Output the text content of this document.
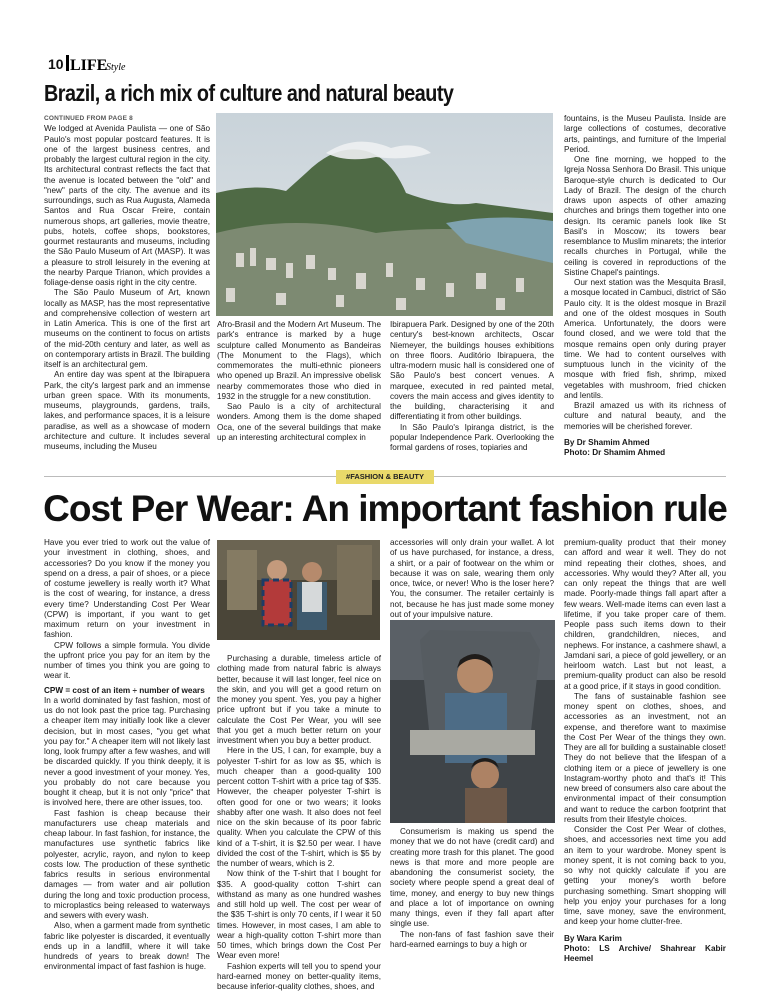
10 LIFE
Style
Brazil, a rich mix of culture and natural beauty

CONTINUED FROM PAGE 8

We lodged at Avenida Paulista — one of São Paulo's most popular postcard features. It is one of the largest business centres, and probably the largest cultural region in the city. Its architectural contrast reflects the fact that the avenue is located between the "old" and "new" parts of the city. The avenue and its surroundings, such as Rua Augusta, Alameda Santos and Rua Oscar Freire, contain numerous shops, art galleries, movie theatre, pubs, hotels, coffee shops, bookstores, gourmet restaurants and museums, including the São Paulo Museum of Art (MASP). It was a pleasure to stroll leisurely in the evening at the nearby Parque Trianon, which provides a foliage-dense oasis right in the city centre.

The São Paulo Museum of Art, known locally as MASP, has the most representative and comprehensive collection of western art in Latin America. This is one of the first art museums on the continent to focus on artists of the mid-20th century and later, as well as on contemporary artists in Brazil. The building itself is an architectural gem.

An entire day was spent at the Ibirapuera Park, the city's largest park and an immense urban green space. With its monuments, museums, playgrounds, gardens, trails, lakes, and performance spaces, it is a leisure paradise, as well as a showcase of modern architecture and culture. It includes several museums, including the Museu

Afro-Brasil and the Modern Art Museum. The park's entrance is marked by a huge sculpture called Monumento as Bandeiras (The Monument to the Flags), which commemorates the multi-ethnic pioneers who opened up Brazil. An impressive obelisk nearby commemorates those who died in 1932 in the struggle for a new constitution.

Sao Paulo is a city of architectural wonders. Among them is the dome shaped Oca, one of the several buildings that make up an interesting architectural complex in

Ibirapuera Park. Designed by one of the 20th century's best-known architects, Oscar Niemeyer, the buildings houses exhibitions on three floors. Auditório Ibirapuera, the ultra-modern music hall is considered one of São Paulo's best concert venues. A marquee, executed in red painted metal, covers the main access and gives identity to the building, characterising it and differentiating it from other buildings.

In São Paulo's Ipiranga district, is the popular Independence Park. Overlooking the formal gardens of roses, topiaries and

fountains, is the Museu Paulista. Inside are large collections of costumes, decorative arts, paintings, and furniture of the Imperial Period.

One fine morning, we hopped to the Igreja Nossa Senhora Do Brasil. This unique Baroque-style church is dedicated to Our Lady of Brazil. The design of the church draws upon aspects of other amazing churches and brings them together into one design. Its ceramic panels look like St Basil's in Moscow; its towers bear resemblance to Muslim minarets; the interior recalls churches in Portugal, while the ceiling is covered in reproductions of the Sistine Chapel's paintings.

Our next station was the Mesquita Brasil, a mosque located in Cambuci, district of São Paulo city. It is the oldest mosque in Brazil and one of the oldest mosques in South America. Unfortunately, the doors were found closed, and we were told that the mosque remains open only during prayer time. We had to content ourselves with sumptuous lunch in the vicinity of the mosque with fried fish, shrimp, mixed vegetables with mushroom, fried chicken and lentils.

Brazil amazed us with its richness of culture and natural beauty, and the memories will be cherished forever.

By Dr Shamim Ahmed

Photo: Dr Shamim Ahmed

#FASHION & BEAUTY
Cost Per Wear: An important fashion rule

Have you ever tried to work out the value of your investment in clothing, shoes, and accessories? Do you know if the money you spend on a dress, a pair of shoes, or a piece of costume jewellery is really worth it? What is the cost of wearing, for instance, a dress every time? Understanding Cost Per Wear (CPW) is important, if you want to get maximum return on your investment in fashion.

CPW follows a simple formula. You divide the upfront price you pay for an item by the number of times you think you are going to wear it.

CPW = cost of an item ÷ number of wears

In a world dominated by fast fashion, most of us do not look past the price tag. Purchasing a cheaper item may initially look like a clever decision, but in most cases, "you get what you pay for." A cheaper item will not likely last long, look frumpy after a few washes, and will be discarded quickly. If you think deeply, it is never a good investment of your money. Yes, you probably do not care because you bought it cheap, but it is not only "price" that is involved here, there are other issues, too.

Fast fashion is cheap because their manufacturers use cheap materials and cheap labour. In fast fashion, for instance, the manufactures use synthetic fabrics like polyester, acrylic, rayon, and nylon to keep costs low. The production of these synthetic fabrics results in serious environmental damages — from water and air pollution during the long and toxic production process, to microplastics being released to waterways and sewers with every wash.

Also, when a garment made from synthetic fabric like polyester is discarded, it eventually ends up in a landfill, where it will take hundreds of years to break down! The environmental impact of fast fashion is huge.

Purchasing a durable, timeless article of clothing made from natural fabric is always better, because it will last longer, feel nice on the skin, and you will get a good return on the money you spent. Yes, you pay a higher price upfront but if you take a minute to calculate the Cost Per Wear, you will see that you get a much better return on your investment when you buy a better product.

Here in the US, I can, for example, buy a polyester T-shirt for as low as $5, which is much cheaper than a good-quality 100 percent cotton T-shirt with a price tag of $35. However, the cheaper polyester T-shirt is often good for one or two wears; it looks shabby after one wash. It also does not feel nice on the skin because of its poor fabric quality. When you calculate the CPW of this kind of a T-shirt, it is $2.50 per wear. I have divided the cost of the T-shirt, which is $5 by the number of wears, which is 2.

Now think of the T-shirt that I bought for $35. A good-quality cotton T-shirt can withstand as many as one hundred washes and still hold up well. The cost per wear of the $35 T-shirt is only 70 cents, if I wear it 50 times. However, in most cases, I am able to wear a high-quality cotton T-shirt more than 50 times, which brings down the Cost Per Wear even more!

Fashion experts will tell you to spend your hard-earned money on better-quality items, because inferior-quality clothes, shoes, and

accessories will only drain your wallet. A lot of us have purchased, for instance, a dress, a shirt, or a pair of footwear on the whim or because it was on sale, wearing them only once, twice, or never! Who is the loser here? You, the consumer. The retailer certainly is not, because he has just made some money out of your impulsive nature.

Consumerism is making us spend the money that we do not have (credit card) and creating more trash for this planet. The good news is that more and more people are abandoning the consumerist society, the society where people spend a great deal of time, money, and energy to buy new things and place a lot of importance on owning many things, even if they fall apart after single use.

The non-fans of fast fashion save their hard-earned earnings to buy a high or

premium-quality product that their money can afford and wear it well. They do not mind repeating their clothes, shoes, and accessories. Why would they? After all, you can only repeat the things that are well made. Poorly-made things fall apart after a few wears. Well-made items can even last a lifetime, if you take proper care of them. People pass such items down to their children, grandchildren, nieces, and nephews. For instance, a cashmere shawl, a Jamdani sari, a piece of gold jewellery, or an heirloom watch. Last but not least, a premium-quality product can also be resold at a good price, if it stays in good condition.

The fans of sustainable fashion see money spent on clothes, shoes, and accessories as an investment, not an expense, and therefore want to maximise the Cost Per Wear of the things they own. They are all for building a sustainable closet! They do not believe that the lifespan of a clothing item or a piece of jewellery is one Instagram-worthy photo and that's it! This new breed of consumers also care about the environmental impact of their consumption and want to reduce the carbon footprint that results from their lifestyle choices.

Consider the Cost Per Wear of clothes, shoes, and accessories next time you add an item to your wardrobe. Money spent is money spent, it is not coming back to you, so why not quickly calculate if you are getting your money's worth before purchasing something. Smart shopping will help you enjoy your purchases for a long time, save money, save the environment, and keep your home clutter-free.

By Wara Karim

Photo: LS Archive/ Shahrear Kabir Heemel
